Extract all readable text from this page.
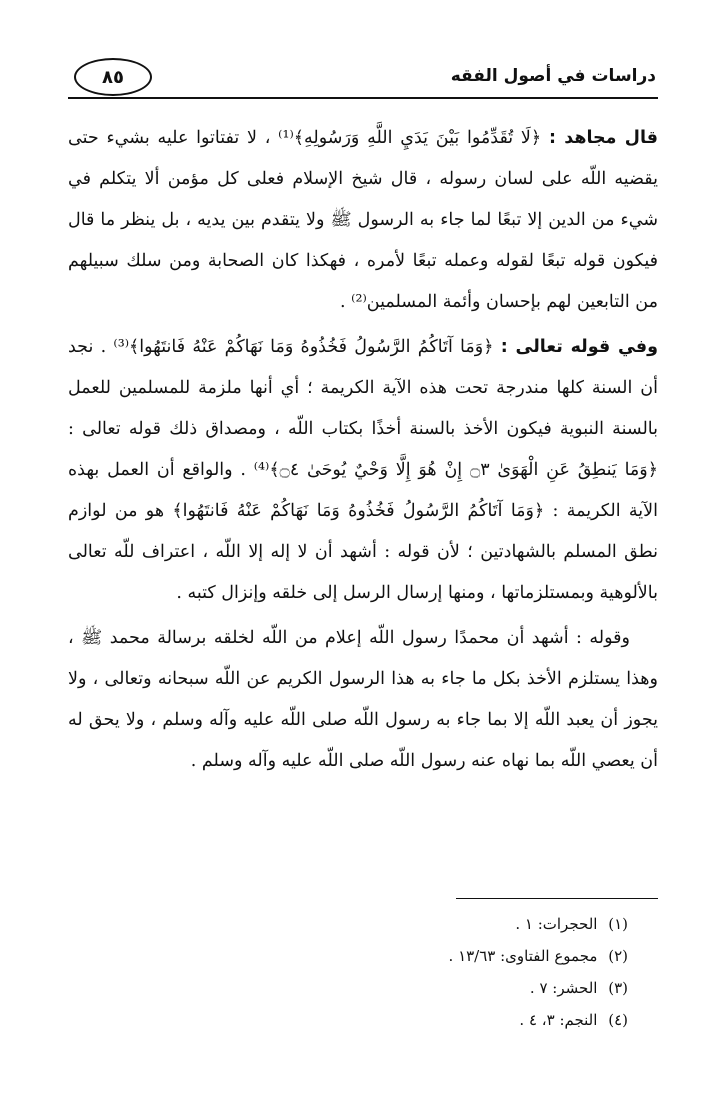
دراسات في أصول الفقه
٨٥

قال مجاهد : ﴿لَا تُقَدِّمُوا بَيْنَ يَدَيِ اللَّهِ وَرَسُولِهِ﴾⁽¹⁾ ، لا تفتاتوا عليه بشيء حتى يقضيه اللّه على لسان رسوله ، قال شيخ الإسلام فعلى كل مؤمن ألا يتكلم في شيء من الدين إلا تبعًا لما جاء به الرسول ﷺ ولا يتقدم بين يديه ، بل ينظر ما قال فيكون قوله تبعًا لقوله وعمله تبعًا لأمره ، فهكذا كان الصحابة ومن سلك سبيلهم من التابعين لهم بإحسان وأئمة المسلمين⁽²⁾ .

وفي قوله تعالى : ﴿وَمَا آتَاكُمُ الرَّسُولُ فَخُذُوهُ وَمَا نَهَاكُمْ عَنْهُ فَانتَهُوا﴾⁽³⁾ . نجد أن السنة كلها مندرجة تحت هذه الآية الكريمة ؛ أي أنها ملزمة للمسلمين للعمل بالسنة النبوية فيكون الأخذ بالسنة أخذًا بكتاب اللّه ، ومصداق ذلك قوله تعالى : ﴿وَمَا يَنطِقُ عَنِ الْهَوَىٰ ۝٣ إِنْ هُوَ إِلَّا وَحْيٌ يُوحَىٰ ۝٤﴾⁽⁴⁾ . والواقع أن العمل بهذه الآية الكريمة : ﴿وَمَا آتَاكُمُ الرَّسُولُ فَخُذُوهُ وَمَا نَهَاكُمْ عَنْهُ فَانتَهُوا﴾ هو من لوازم نطق المسلم بالشهادتين ؛ لأن قوله : أشهد أن لا إله إلا اللّه ، اعتراف للّه تعالى بالألوهية وبمستلزماتها ، ومنها إرسال الرسل إلى خلقه وإنزال كتبه .

وقوله : أشهد أن محمدًا رسول اللّه إعلام من اللّه لخلقه برسالة محمد ﷺ ، وهذا يستلزم الأخذ بكل ما جاء به هذا الرسول الكريم عن اللّه سبحانه وتعالى ، ولا يجوز أن يعبد اللّه إلا بما جاء به رسول اللّه صلى اللّه عليه وآله وسلم ، ولا يحق له أن يعصي اللّه بما نهاه عنه رسول اللّه صلى اللّه عليه وآله وسلم .

(١) الحجرات: ١ .
(٢) مجموع الفتاوى: ١٣/٦٣ .
(٣) الحشر: ٧ .
(٤) النجم: ٣، ٤ .
